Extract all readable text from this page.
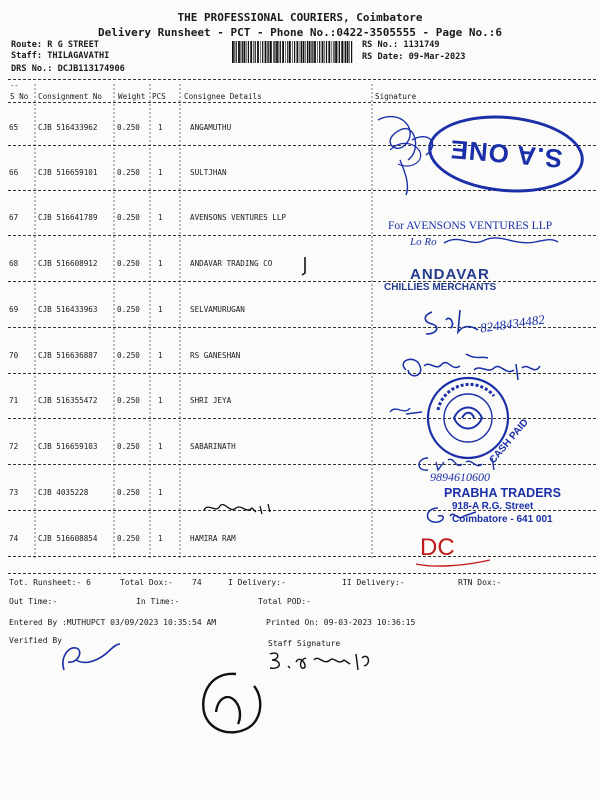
THE PROFESSIONAL COURIERS, Coimbatore
Delivery Runsheet - PCT - Phone No.:0422-3505555 - Page No.:6
Route: R G STREET
Staff: THILAGAVATHI
DRS No.: DCJB113174906
RS No.: 1131749
RS Date: 09-Mar-2023
--
S No Consignment No Weight PCS Consignee Details	Signature
65	CJB 516433962	0.250 1	ANGAMUTHU
66	CJB 516659101	0.250 1	SULTJHAN
67	CJB 516641789	0.250 1	AVENSONS VENTURES LLP
68	CJB 516608912	0.250 1	ANDAVAR TRADING CO
69	CJB 516433963	0.250 1	SELVAMURUGAN
70	CJB 516636887	0.250 1	RS GANESHAN
71	CJB 516355472	0.250 1	SHRI JEYA
72	CJB 516659103	0.250 1	SABARINATH
73	CJB 4035228	0.250 1
74	CJB 516608854	0.250 1	HAMIRA RAM
S.A ONE
For AVENSONS VENTURES LLP
Lo Ro
ANDAVAR
CHILLIES MERCHANTS
8248434482
CASH PAID
9894610600
PRABHA TRADERS
918-A R.G. Street
Coimbatore - 641 001
DC
Tot. Runsheet:- 6	Total Dox:- 74	I Delivery:-	II Delivery:-	RTN Dox:-
Out Time:-	In Time:-	Total POD:-
Entered By :MUTHUPCT 03/09/2023 10:35:54 AM	Printed On: 09-03-2023 10:36:15
Verified By	Staff Signature
